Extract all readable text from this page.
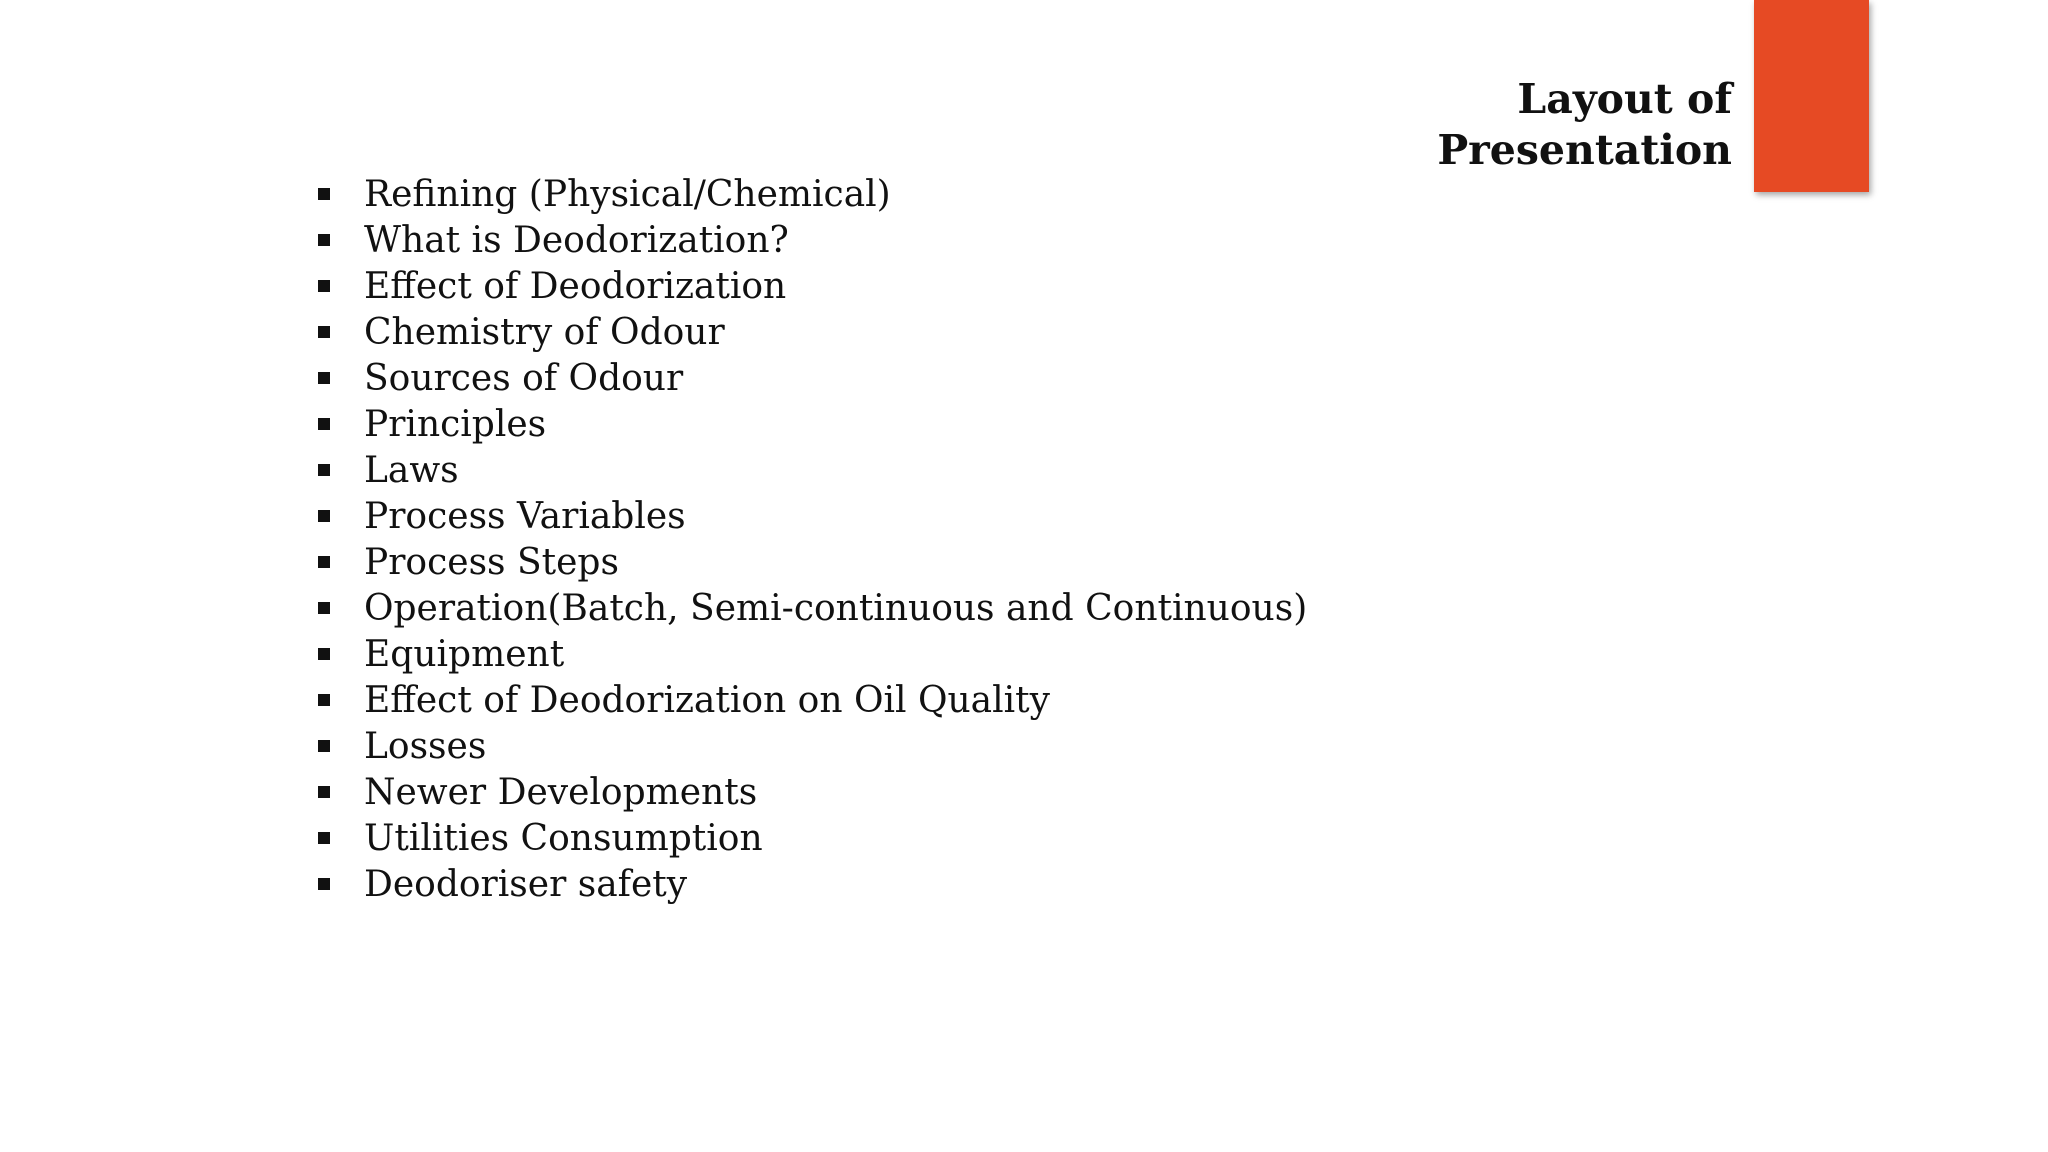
Layout of
Presentation
Refining (Physical/Chemical)
What is Deodorization?
Effect of Deodorization
Chemistry of Odour
Sources of Odour
Principles
Laws
Process Variables
Process Steps
Operation(Batch, Semi-continuous and Continuous)
Equipment
Effect of Deodorization on Oil Quality
Losses
Newer Developments
Utilities Consumption
Deodoriser safety
